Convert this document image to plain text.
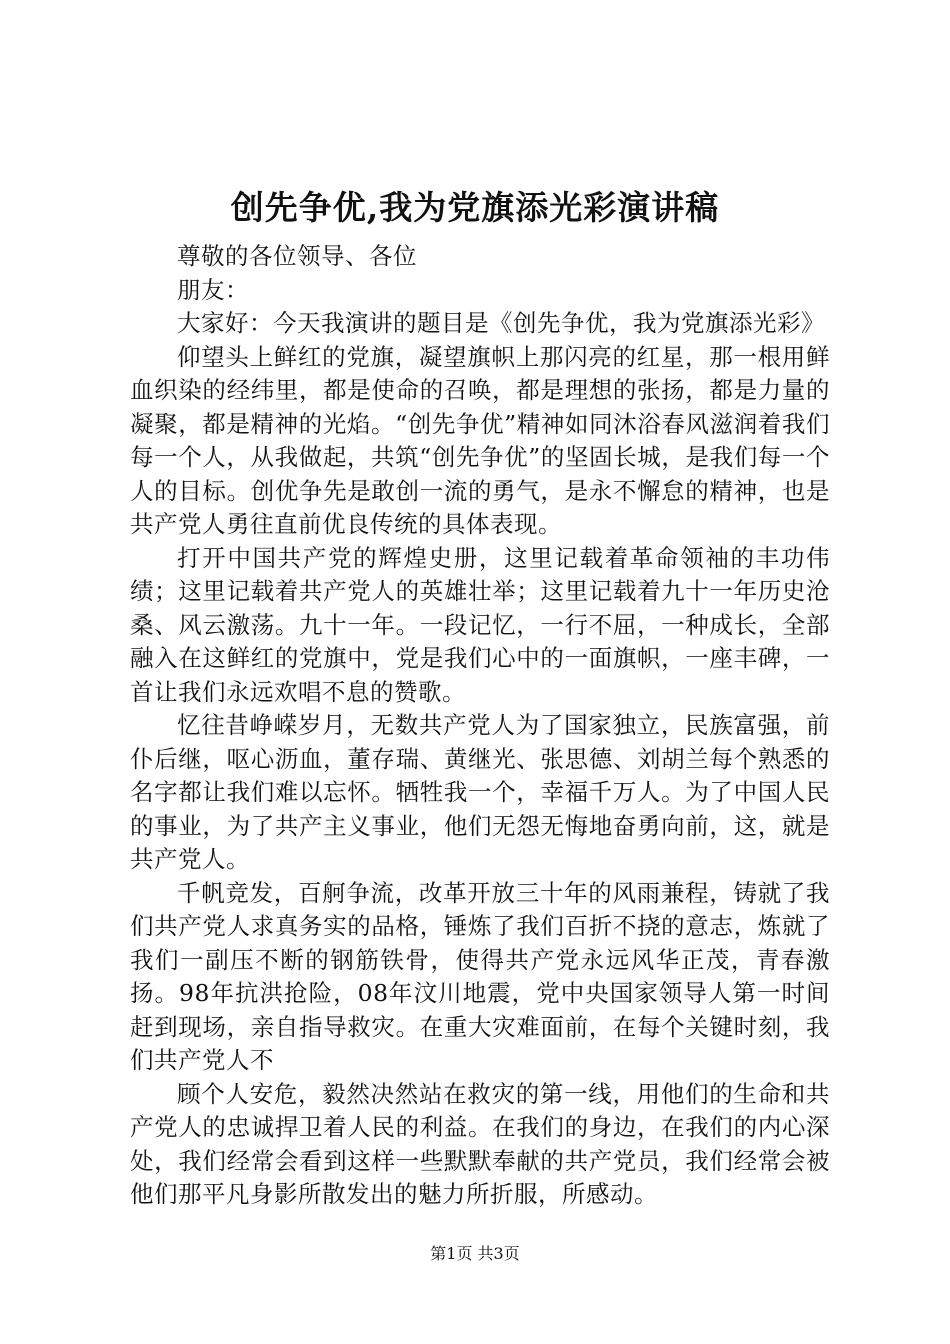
创先争优,我为党旗添光彩演讲稿

尊敬的各位领导、各位

朋友：

大家好：今天我演讲的题目是《创先争优，我为党旗添光彩》

仰望头上鲜红的党旗，凝望旗帜上那闪亮的红星，那一根用鲜血织染的经纬里，都是使命的召唤，都是理想的张扬，都是力量的凝聚，都是精神的光焰。“创先争优”精神如同沐浴春风滋润着我们每一个人，从我做起，共筑“创先争优”的坚固长城，是我们每一个人的目标。创优争先是敢创一流的勇气，是永不懈怠的精神，也是共产党人勇往直前优良传统的具体表现。

打开中国共产党的辉煌史册，这里记载着革命领袖的丰功伟绩；这里记载着共产党人的英雄壮举；这里记载着九十一年历史沧桑、风云激荡。九十一年。一段记忆，一行不屈，一种成长，全部融入在这鲜红的党旗中，党是我们心中的一面旗帜，一座丰碑，一首让我们永远欢唱不息的赞歌。

忆往昔峥嵘岁月，无数共产党人为了国家独立，民族富强，前仆后继，呕心沥血，董存瑞、黄继光、张思德、刘胡兰每个熟悉的名字都让我们难以忘怀。牺牲我一个，幸福千万人。为了中国人民的事业，为了共产主义事业，他们无怨无悔地奋勇向前，这，就是共产党人。

千帆竞发，百舸争流，改革开放三十年的风雨兼程，铸就了我们共产党人求真务实的品格，锤炼了我们百折不挠的意志，炼就了我们一副压不断的钢筋铁骨，使得共产党永远风华正茂，青春激扬。98年抗洪抢险，08年汶川地震，党中央国家领导人第一时间赶到现场，亲自指导救灾。在重大灾难面前，在每个关键时刻，我们共产党人不

顾个人安危，毅然决然站在救灾的第一线，用他们的生命和共产党人的忠诚捍卫着人民的利益。在我们的身边，在我们的内心深处，我们经常会看到这样一些默默奉献的共产党员，我们经常会被他们那平凡身影所散发出的魅力所折服，所感动。

第1页 共3页
